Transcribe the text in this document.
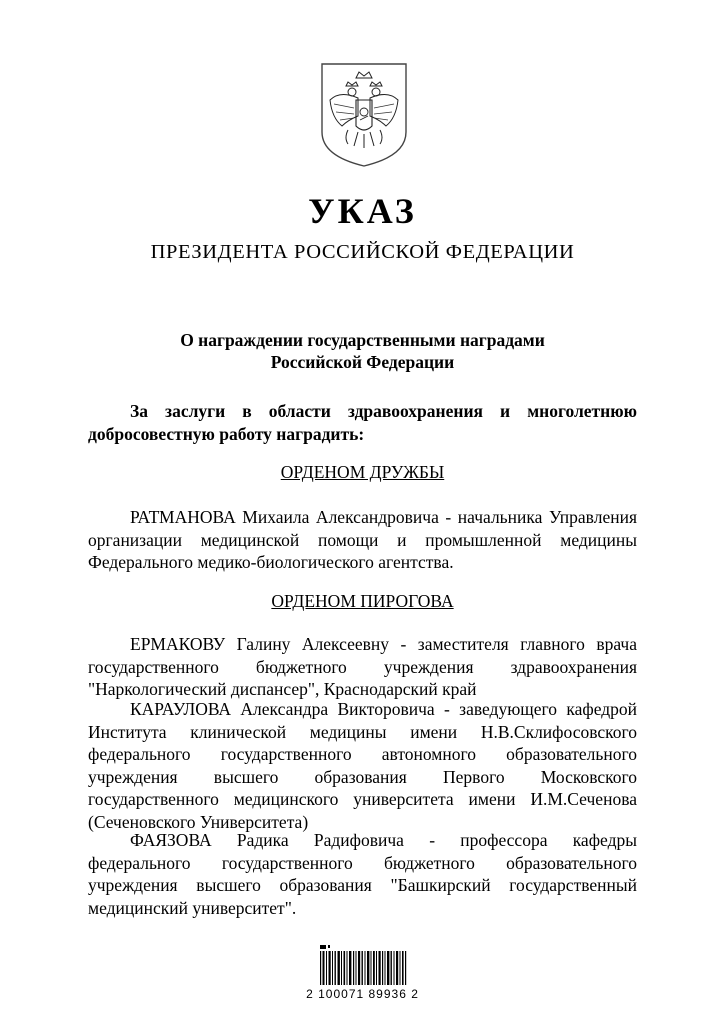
УКАЗ
ПРЕЗИДЕНТА РОССИЙСКОЙ ФЕДЕРАЦИИ
О награждении государственными наградами
Российской Федерации

За заслуги в области здравоохранения и многолетнюю добросовестную работу наградить:

ОРДЕНОМ ДРУЖБЫ

РАТМАНОВА Михаила Александровича - начальника Управления организации медицинской помощи и промышленной медицины Федерального медико-биологического агентства.

ОРДЕНОМ ПИРОГОВА

ЕРМАКОВУ Галину Алексеевну - заместителя главного врача государственного бюджетного учреждения здравоохранения "Наркологический диспансер", Краснодарский край

КАРАУЛОВА Александра Викторовича - заведующего кафедрой Института клинической медицины имени Н.В.Склифосовского федерального государственного автономного образовательного учреждения высшего образования Первого Московского государственного медицинского университета имени И.М.Сеченова (Сеченовского Университета)

ФАЯЗОВА Радика Радифовича - профессора кафедры федерального государственного бюджетного образовательного учреждения высшего образования "Башкирский государственный медицинский университет".

2 100071 89936 2
